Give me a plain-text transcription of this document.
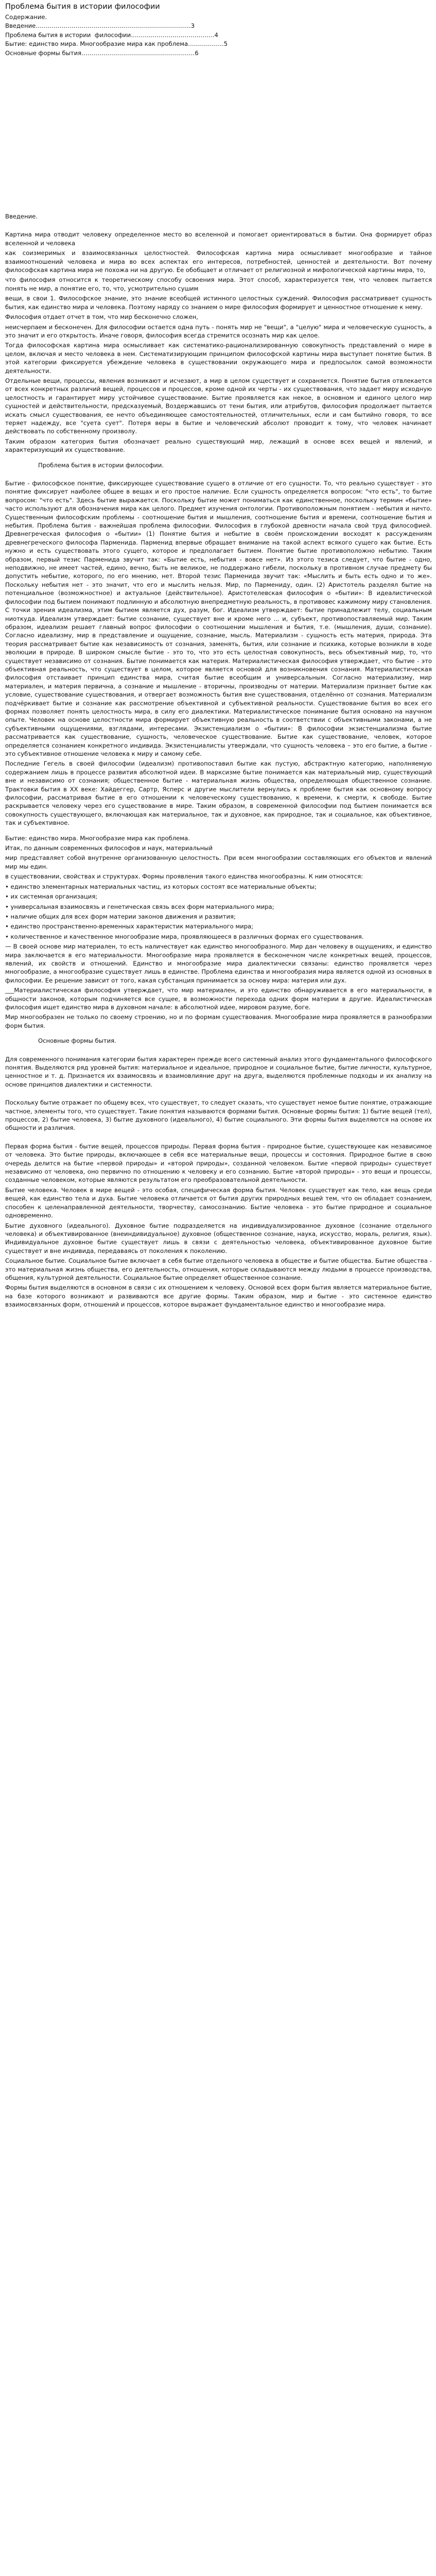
Проблема бытия в истории философии

Содержание.

Введение……………………………………………………………………3

Проблема бытия в истории  философии……………………………………4

Бытие: единство мира. Многообразие мира как проблема………………5

Основные формы бытия…………………………………………………6

Введение.

Картина мира отводит человеку определенное место во вселенной и помогает ориентироваться в бытии. Она формирует образ вселенной и человека

как соизмеримых и взаимосвязанных целостностей. Философская картина мира осмысливает многообразие и тайное взаимоотношений человека и мира во всех аспектах его интересов, потребностей, ценностей и деятельности. Вот почему философская картина мира не похожа ни на другую. Ее обобщает и отличает от религиозной и мифологической картины мира, то,

что философия относится к теоретическому способу освоения мира. Этот способ, характеризуется тем, что человек пытается понять не мир, а понятие его, то, что, усмотрительно сушим

вещи, в свои 1. Философское знание, это знание всеобщей истинного целостных суждений. Философия рассматривает сущность бытия, как единство мира и человека. Поэтому наряду со знанием о мире философия формирует и ценностное отношение к нему.

Философия отдает отчет в том, что мир бесконечно сложен,

неисчерпаем и бесконечен. Для философии остается одна путь - понять мир не "вещи", а "целую" мира и человеческую сущность, а это значит и его открытость. Иначе говоря, философия всегда стремится осознать мир как целое.

Тогда философская картина мира осмысливает как систематико-рационализированную совокупность представлений о мире в целом, включая и место человека в нем. Систематизирующим принципом философской картины мира выступает понятие бытия. В этой категории фиксируется убеждение человека в существовании окружающего мира и предпосылок самой возможности деятельности.

Отдельные вещи, процессы, явления возникают и исчезают, а мир в целом существует и сохраняется. Понятие бытия отвлекается от всех конкретных различий вещей, процессов и процессов, кроме одной их черты - их существования, что задает миру исходную целостность и гарантирует миру устойчивое существование. Бытие проявляется как некое, в основном и единого целого мир сущностей и действительности, предсказуемый, Воздержавшись от тени бытия, или атрибутов, философия продолжает пытается искать смысл существования, ее нечто объединяющее самостоятельностей, отличительных, если и сам бытийно говоря, то все теряет надежду, все "суета сует". Потеря веры в бытие и человеческий абсолют проводит к тому, что человек начинает действовать по собственному произволу.

Таким образом категория бытия обозначает реально существующий мир, лежащий в основе всех вещей и явлений, и характеризующий их существование.

Проблема бытия в истории философии.

Бытие - философское понятие, фиксирующее существование сущего в отличие от его сущности. То, что реально существует - это понятие фиксирует наиболее общее в вещах и его простое наличие. Если сущность определяется вопросом: "что есть", то бытие вопросом: "что есть". Здесь бытие выражается. Поскольку бытие может пониматься как единственное, поскольку термин «бытие» часто используют для обозначения мира как целого. Предмет изучения онтологии. Противоположным понятием - небытия и ничто. Существенным философским проблемы - соотношение бытия и мышления, соотношение бытия и времени, соотношение бытия и небытия. Проблема бытия - важнейшая проблема философии. Философия в глубокой древности начала свой труд философией. Древнегреческая философия о «бытии» (1) Понятие бытия и небытие в своём происхождении восходят к рассуждениям древнегреческого философа Парменида. Парменид впервые обращает внимание на такой аспект всякого сущего как бытие. Есть нужно и есть существовать этого сущего, которое и предполагает бытием. Понятие бытие противоположно небытию. Таким образом, первый тезис Парменида звучит так: «Бытие есть, небытия - вовсе нет». Из этого тезиса следует, что бытие - одно, неподвижно, не имеет частей, едино, вечно, быть не великое, не поддержано гибели, поскольку в противном случае предмету бы допустить небытие, которого, по его мнению, нет. Второй тезис Парменида звучит так: «Мыслить и быть есть одно и то же». Поскольку небытия нет - это значит, что его и мыслить нельзя. Мир, по Пармениду, один. (2) Аристотель разделял бытие на потенциальное (возможностное) и актуальное (действительное). Аристотелевская философия о «бытии»: В идеалистической философии под бытием понимают подлинную и абсолютную внепредметную реальность, в противовес кажимому миру становления. С точки зрения идеализма, этим бытием является дух, разум, бог. Идеализм утверждает: бытие принадлежит телу, социальным ниоткуда. Идеализм утверждает: бытие сознание, существует вне и кроме него ... и, субъект, противопоставляемый мир. Таким образом, идеализм решает главный вопрос философии о соотношении мышления и бытия, т.е. (мышления, души, сознание). Согласно идеализму, мир в представление и ощущение, сознание, мысль. Материализм - сущность есть материя, природа. Эта теория рассматривает бытие как независимость от сознания, заменять, бытия, или сознание и психика, которые возникли в ходе эволюции в природе. В широком смысле бытие - это то, что это есть целостная совокупность, весь объективный мир, то, что существует независимо от сознания. Бытие понимается как материя. Материалистическая философия утверждает, что бытие - это объективная реальность, что существует в целом, которое является основой для возникновения сознания. Материалистическая философия отстаивает принцип единства мира, считая бытие всеобщим и универсальным. Согласно материализму, мир материален, и материя первична, а сознание и мышление - вторичны, производны от материи. Материализм признает бытие как условие, существование существования, и отвергает возможность бытия вне существования, отделённо от сознания. Материализм подчёркивает бытие и сознание как рассмотрение объективной и субъективной реальности. Существование бытия во всех его формах позволяет понять целостность мира, в силу его диалектики. Материалистическое понимание бытия основано на научном опыте. Человек на основе целостности мира формирует объективную реальность в соответствии с объективными законами, а не субъективными ощущениями, взглядами, интересами. Экзистенциализм о «бытии»: В философии экзистенциализма бытие рассматривается как существование, сущность, человеческое существование. Бытие как существование, человек, которое определяется сознанием конкретного индивида. Экзистенциалисты утверждали, что сущность человека – это его бытие, а бытие - это субъективное отношение человека к миру и самому себе.

Последние Гегель в своей философии (идеализм) противопоставил бытие как пустую, абстрактную категорию, наполняемую содержанием лишь в процессе развития абсолютной идеи. В марксизме бытие понимается как материальный мир, существующий вне и независимо от сознания; общественное бытие - материальная жизнь общества, определяющая общественное сознание. Трактовки бытия в XX веке: Хайдеггер, Сартр, Ясперс и другие мыслители вернулись к проблеме бытия как основному вопросу философии, рассматривая бытие в его отношении к человеческому существованию, к времени, к смерти, к свободе. Бытие раскрывается человеку через его существование в мире. Таким образом, в современной философии под бытием понимается вся совокупность существующего, включающая как материальное, так и духовное, как природное, так и социальное, как объективное, так и субъективное.

Бытие: единство мира. Многообразие мира как проблема.

Итак, по данным современных философов и наук, материальный

мир представляет собой внутренне организованную целостность. При всем многообразии составляющих его объектов и явлений мир мы един.

в существовании, свойствах и структурах. Формы проявления такого единства многообразны. К ним относятся:

• единство элементарных материальных частиц, из которых состоят все материальные объекты;

• их системная организация;

• универсальная взаимосвязь и генетическая связь всех форм материального мира;

• наличие общих для всех форм материи законов движения и развития;

• единство пространственно-временных характеристик материального мира;

• количественное и качественное многообразие мира, проявляющееся в различных формах его существования.

— В своей основе мир материален, то есть наличествует как единство многообразного. Мир дан человеку в ощущениях, и единство мира заключается в его материальности. Многообразие мира проявляется в бесконечном числе конкретных вещей, процессов, явлений, их свойств и отношений. Единство и многообразие мира диалектически связаны: единство проявляется через многообразие, а многообразие существует лишь в единстве. Проблема единства и многообразия мира является одной из основных в философии. Ее решение зависит от того, какая субстанция принимается за основу мира: материя или дух.

___Материалистическая философия утверждает, что мир материален, и это единство обнаруживается в его материальности, в общности законов, которым подчиняется все сущее, в возможности перехода одних форм материи в другие. Идеалистическая философия ищет единство мира в духовном начале: в абсолютной идее, мировом разуме, боге.

Мир многообразен не только по своему строению, но и по формам существования. Многообразие мира проявляется в разнообразии форм бытия.

Основные формы бытия.

Для современного понимания категории бытия характерен прежде всего системный анализ этого фундаментального философского понятия. Выделяются ряд уровней бытия: материальное и идеальное, природное и социальное бытие, бытие личности, культурное, ценностное и т. д. Признается их взаимосвязь и взаимовлияние друг на друга, выделяются проблемные подходы и их анализу на основе принципов диалектики и системности.

Поскольку бытие отражает по общему всех, что существует, то следует сказать, что существует немое бытие понятие, отражающие частное, элементы того, что существует. Такие понятия называются формами бытия. Основные формы бытия: 1) бытие вещей (тел), процессов, 2) бытие человека, 3) бытие духовного (идеального), 4) бытие социального. Эти формы бытия выделяются на основе их общности и различия.

Первая форма бытия - бытие вещей, процессов природы. Первая форма бытия - природное бытие, существующее как независимое от человека. Это бытие природы, включающее в себя все материальные вещи, процессы и состояния. Природное бытие в свою очередь делится на бытие «первой природы» и «второй природы», созданной человеком. Бытие «первой природы» существует независимо от человека, оно первично по отношению к человеку и его сознанию. Бытие «второй природы» - это вещи и процессы, созданные человеком, которые являются результатом его преобразовательной деятельности.

Бытие человека. Человек в мире вещей - это особая, специфическая форма бытия. Человек существует как тело, как вещь среди вещей, как единство тела и духа. Бытие человека отличается от бытия других природных вещей тем, что он обладает сознанием, способен к целенаправленной деятельности, творчеству, самосознанию. Бытие человека - это бытие природное и социальное одновременно.

Бытие духовного (идеального). Духовное бытие подразделяется на индивидуализированное духовное (сознание отдельного человека) и объективированное (внеиндивидуальное) духовное (общественное сознание, наука, искусство, мораль, религия, язык). Индивидуальное духовное бытие существует лишь в связи с деятельностью человека, объективированное духовное бытие существует и вне индивида, передаваясь от поколения к поколению.

Социальное бытие. Социальное бытие включает в себя бытие отдельного человека в обществе и бытие общества. Бытие общества - это материальная жизнь общества, его деятельность, отношения, которые складываются между людьми в процессе производства, общения, культурной деятельности. Социальное бытие определяет общественное сознание.

Формы бытия выделяются в основном в связи с их отношением к человеку. Основой всех форм бытия является материальное бытие, на базе которого возникают и развиваются все другие формы. Таким образом, мир и бытие - это системное единство взаимосвязанных форм, отношений и процессов, которое выражает фундаментальное единство и многообразие мира.
